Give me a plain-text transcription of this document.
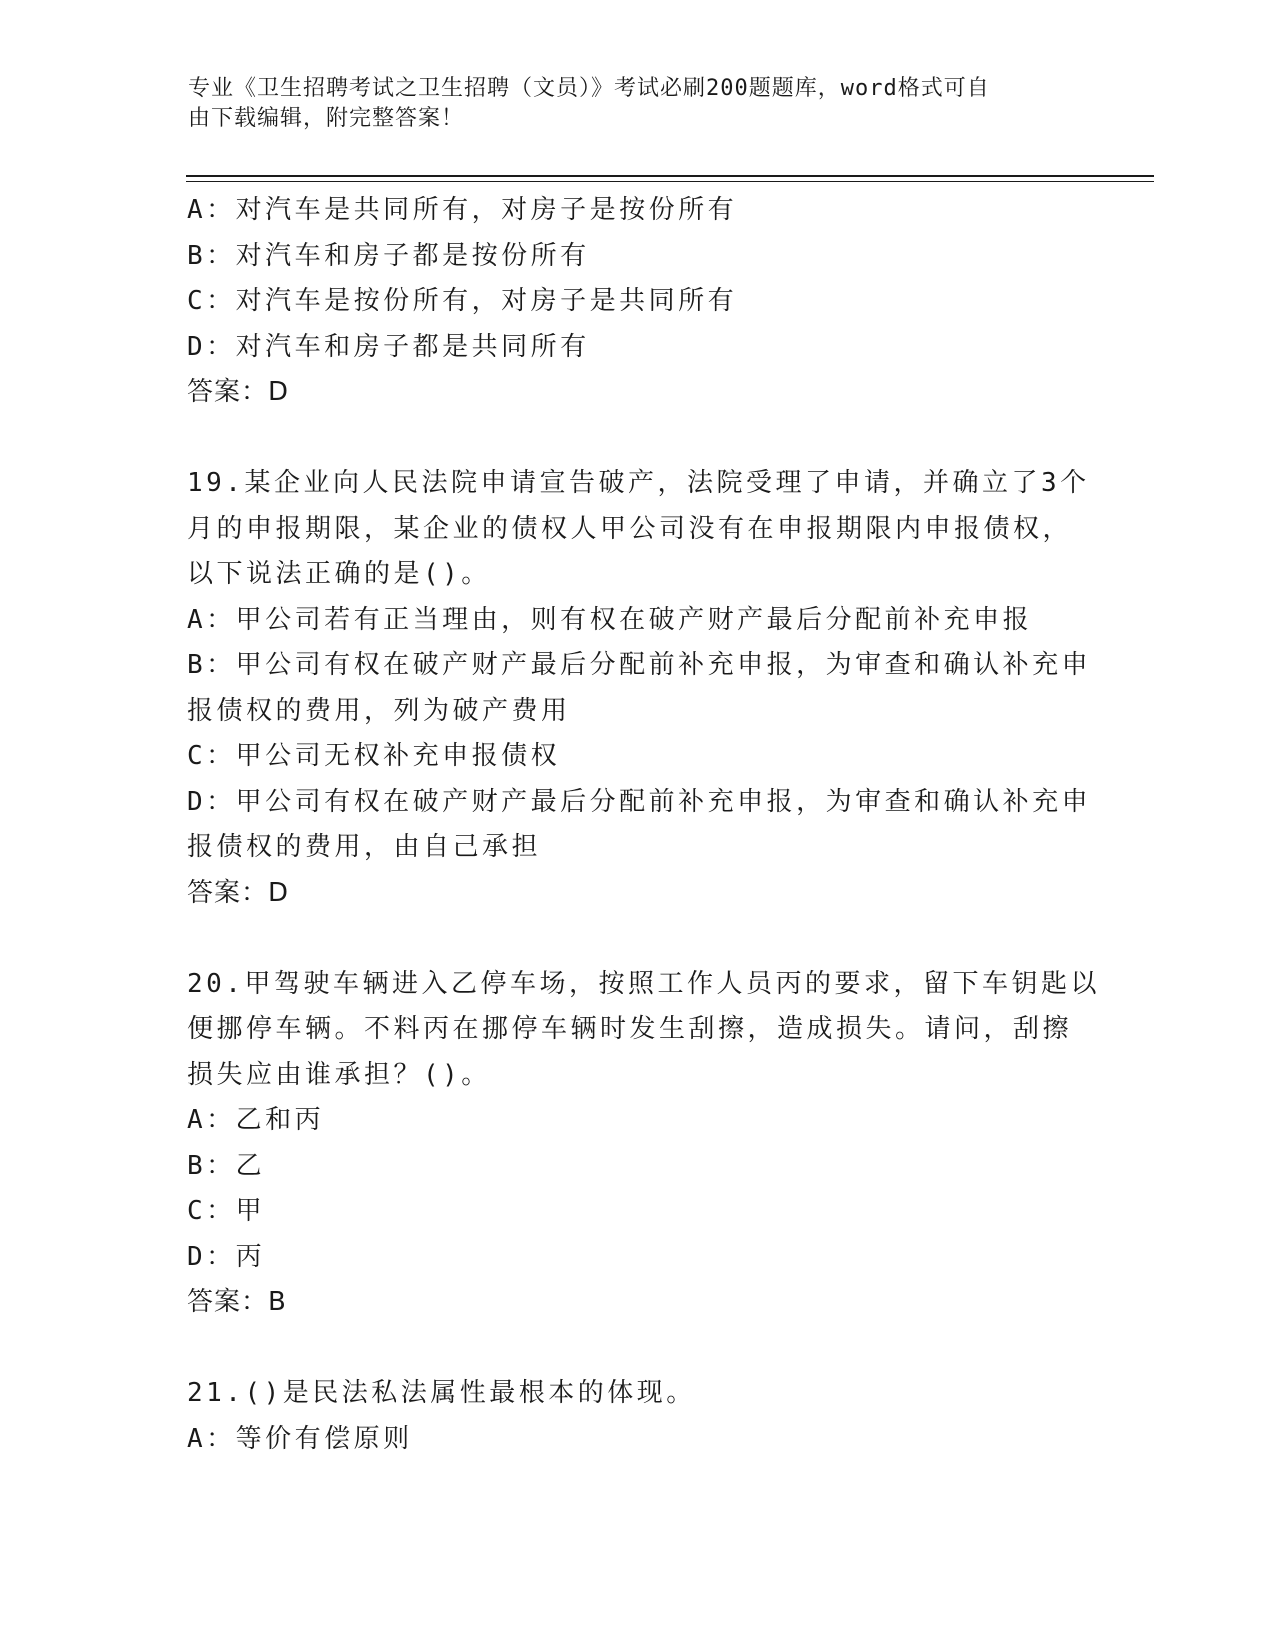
专业《卫生招聘考试之卫生招聘（文员）》考试必刷200题题库，word格式可自
由下载编辑，附完整答案！
A：对汽车是共同所有，对房子是按份所有
B：对汽车和房子都是按份所有
C：对汽车是按份所有，对房子是共同所有
D：对汽车和房子都是共同所有
答案：D
19.某企业向人民法院申请宣告破产，法院受理了申请，并确立了3个
月的申报期限，某企业的债权人甲公司没有在申报期限内申报债权，
以下说法正确的是()。
A：甲公司若有正当理由，则有权在破产财产最后分配前补充申报
B：甲公司有权在破产财产最后分配前补充申报，为审查和确认补充申
报债权的费用，列为破产费用
C：甲公司无权补充申报债权
D：甲公司有权在破产财产最后分配前补充申报，为审查和确认补充申
报债权的费用，由自己承担
答案：D
20.甲驾驶车辆进入乙停车场，按照工作人员丙的要求，留下车钥匙以
便挪停车辆。不料丙在挪停车辆时发生刮擦，造成损失。请问，刮擦
损失应由谁承担？()。
A：乙和丙
B：乙
C：甲
D：丙
答案：B
21.()是民法私法属性最根本的体现。
A：等价有偿原则
